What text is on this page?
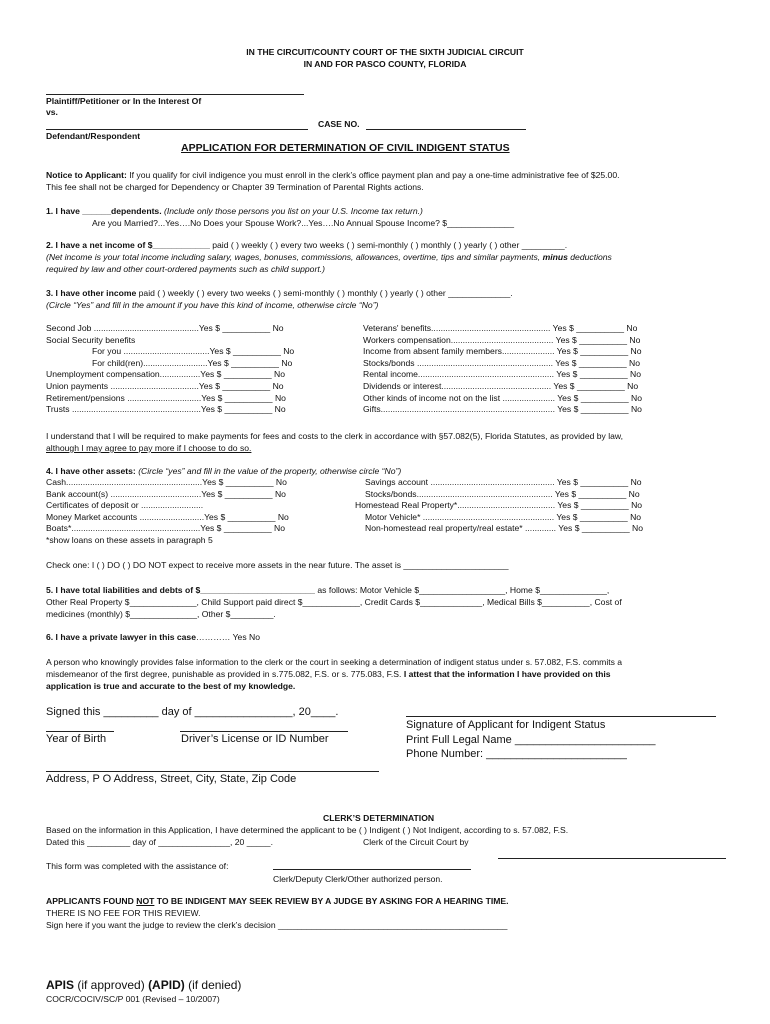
IN THE CIRCUIT/COUNTY COURT OF THE SIXTH JUDICIAL CIRCUIT
IN AND FOR PASCO COUNTY, FLORIDA
Plaintiff/Petitioner or In the Interest Of
vs.
CASE NO.
Defendant/Respondent
APPLICATION FOR DETERMINATION OF CIVIL INDIGENT STATUS
Notice to Applicant: If you qualify for civil indigence you must enroll in the clerk’s office payment plan and pay a one-time administrative fee of $25.00.
This fee shall not be charged for Dependency or Chapter 39 Termination of Parental Rights actions.
1. I have ______dependents. (Include only those persons you list on your U.S. Income tax return.)
Are you Married?...Yes….No Does your Spouse Work?...Yes….No Annual Spouse Income? $______________
2. I have a net income of $____________ paid ( ) weekly ( ) every two weeks ( ) semi-monthly ( ) monthly ( ) yearly ( ) other _________.
(Net income is your total income including salary, wages, bonuses, commissions, allowances, overtime, tips and similar payments, minus deductions
required by law and other court-ordered payments such as child support.)
3. I have other income paid ( ) weekly ( ) every two weeks ( ) semi-monthly ( ) monthly ( ) yearly ( ) other _____________.
(Circle “Yes” and fill in the amount if you have this kind of income, otherwise circle “No”)
Second Job ............................................Yes $ __________ No
Social Security benefits
For you ....................................Yes $ __________ No
For child(ren)...........................Yes $ __________ No
Unemployment compensation.................Yes $ __________ No
Union payments .....................................Yes $ __________ No
Retirement/pensions ...............................Yes $ __________ No
Trusts ......................................................Yes $ __________ No
Veterans' benefits.................................................. Yes $ __________ No
Workers compensation........................................... Yes $ __________ No
Income from absent family members...................... Yes $ __________ No
Stocks/bonds ......................................................... Yes $ __________ No
Rental income......................................................... Yes $ __________ No
Dividends or interest.............................................. Yes $ __________ No
Other kinds of income not on the list ...................... Yes $ __________ No
Gifts......................................................................... Yes $ __________ No
I understand that I will be required to make payments for fees and costs to the clerk in accordance with §57.082(5), Florida Statutes, as provided by law,
although I may agree to pay more if I choose to do so.
4. I have other assets: (Circle “yes” and fill in the value of the property, otherwise circle “No”)
Cash.........................................................Yes $ __________ No
Bank account(s) ......................................Yes $ __________ No
Certificates of deposit or ..........................
Money Market accounts ...........................Yes $ __________ No
Boats*......................................................Yes $ __________ No
*show loans on these assets in paragraph 5
Savings account .................................................... Yes $ __________ No
Stocks/bonds......................................................... Yes $ __________ No
Homestead Real Property*......................................... Yes $ __________ No
Motor Vehicle* ....................................................... Yes $ __________ No
Non-homestead real property/real estate* ............. Yes $ __________ No
Check one: I ( ) DO ( ) DO NOT expect to receive more assets in the near future. The asset is ______________________
5. I have total liabilities and debts of $________________________ as follows: Motor Vehicle $__________________, Home $______________,
Other Real Property $______________, Child Support paid direct $____________, Credit Cards $_____________, Medical Bills $__________, Cost of
medicines (monthly) $______________, Other $_________.
6. I have a private lawyer in this case………… Yes No
A person who knowingly provides false information to the clerk or the court in seeking a determination of indigent status under s. 57.082, F.S. commits a
misdemeanor of the first degree, punishable as provided in s.775.082, F.S. or s. 775.083, F.S. I attest that the information I have provided on this
application is true and accurate to the best of my knowledge.
Signed this _________ day of ________________, 20____.
Signature of Applicant for Indigent Status
Year of Birth	Driver’s License or ID Number	Print Full Legal Name _______________________
Phone Number: _______________________
Address, P O Address, Street, City, State, Zip Code
CLERK’S DETERMINATION
Based on the information in this Application, I have determined the applicant to be ( ) Indigent ( ) Not Indigent, according to s. 57.082, F.S.
Dated this _________ day of _______________, 20 _____.	Clerk of the Circuit Court by
This form was completed with the assistance of:
Clerk/Deputy Clerk/Other authorized person.
APPLICANTS FOUND NOT TO BE INDIGENT MAY SEEK REVIEW BY A JUDGE BY ASKING FOR A HEARING TIME.
THERE IS NO FEE FOR THIS REVIEW.
Sign here if you want the judge to review the clerk’s decision ________________________________________________
APIS (if approved) (APID) (if denied)
COCR/COCIV/SC/P 001 (Revised – 10/2007)
